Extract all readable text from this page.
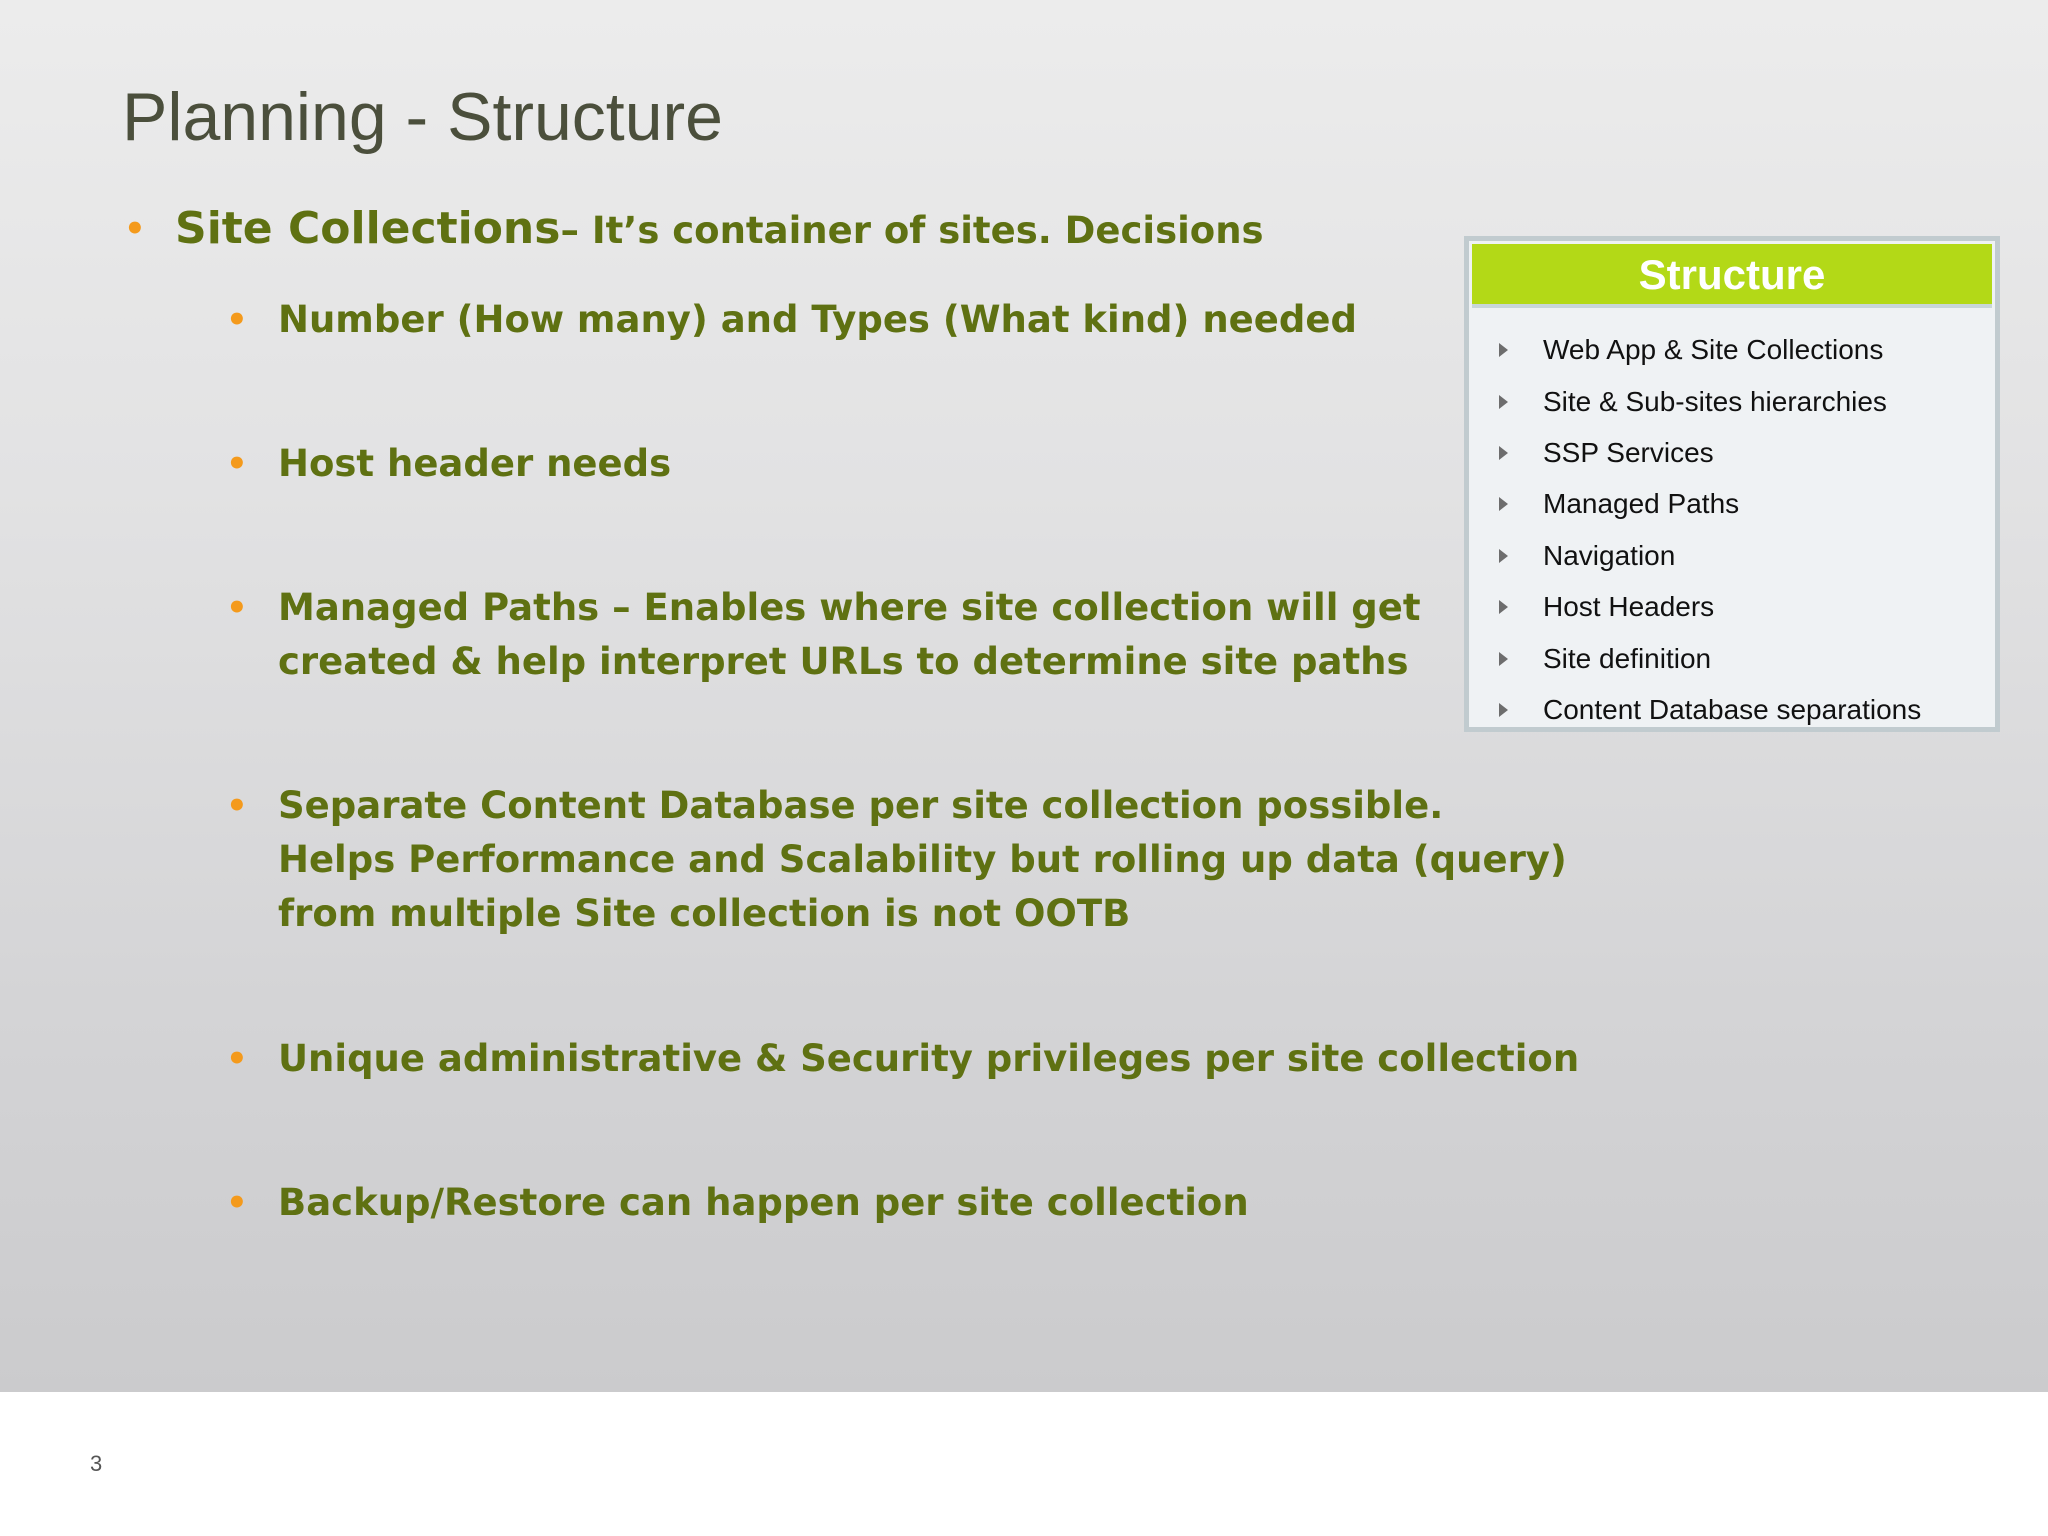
Planning - Structure
• Site Collections– It’s container of sites. Decisions
• Number (How many) and Types (What kind) needed
• Host header needs
• Managed Paths – Enables where site collection will get
created & help interpret URLs to determine site paths
• Separate Content Database per site collection possible.
Helps Performance and Scalability but rolling up data (query)
from multiple Site collection is not OOTB
• Unique administrative & Security privileges per site collection
• Backup/Restore can happen per site collection
Structure
Web App & Site Collections
Site & Sub-sites hierarchies
SSP Services
Managed Paths
Navigation
Host Headers
Site definition
Content Database separations
3
